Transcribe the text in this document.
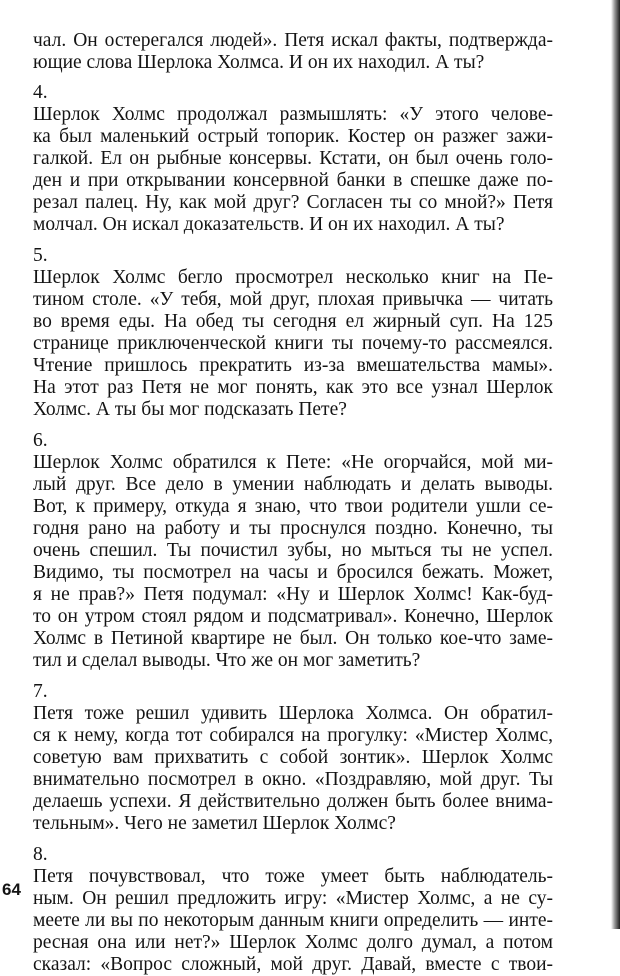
чал. Он остерегался людей». Петя искал факты, подтвержда-
ющие слова Шерлока Холмса. И он их находил. А ты?
4.
Шерлок Холмс продолжал размышлять: «У этого челове-
ка был маленький острый топорик. Костер он разжег зажи-
галкой. Ел он рыбные консервы. Кстати, он был очень голо-
ден и при открывании консервной банки в спешке даже по-
резал палец. Ну, как мой друг? Согласен ты со мной?» Петя
молчал. Он искал доказательств. И он их находил. А ты?
5.
Шерлок Холмс бегло просмотрел несколько книг на Пе-
тином столе. «У тебя, мой друг, плохая привычка — читать
во время еды. На обед ты сегодня ел жирный суп. На 125
странице приключенческой книги ты почему-то рассмеялся.
Чтение пришлось прекратить из-за вмешательства мамы».
На этот раз Петя не мог понять, как это все узнал Шерлок
Холмс. А ты бы мог подсказать Пете?
6.
Шерлок Холмс обратился к Пете: «Не огорчайся, мой ми-
лый друг. Все дело в умении наблюдать и делать выводы.
Вот, к примеру, откуда я знаю, что твои родители ушли се-
годня рано на работу и ты проснулся поздно. Конечно, ты
очень спешил. Ты почистил зубы, но мыться ты не успел.
Видимо, ты посмотрел на часы и бросился бежать. Может,
я не прав?» Петя подумал: «Ну и Шерлок Холмс! Как-буд-
то он утром стоял рядом и подсматривал». Конечно, Шерлок
Холмс в Петиной квартире не был. Он только кое-что заме-
тил и сделал выводы. Что же он мог заметить?
7.
Петя тоже решил удивить Шерлока Холмса. Он обратил-
ся к нему, когда тот собирался на прогулку: «Мистер Холмс,
советую вам прихватить с собой зонтик». Шерлок Холмс
внимательно посмотрел в окно. «Поздравляю, мой друг. Ты
делаешь успехи. Я действительно должен быть более внима-
тельным». Чего не заметил Шерлок Холмс?
8.
Петя почувствовал, что тоже умеет быть наблюдатель-
ным. Он решил предложить игру: «Мистер Холмс, а не су-
меете ли вы по некоторым данным книги определить — инте-
ресная она или нет?» Шерлок Холмс долго думал, а потом
сказал: «Вопрос сложный, мой друг. Давай, вместе с твои-
64
